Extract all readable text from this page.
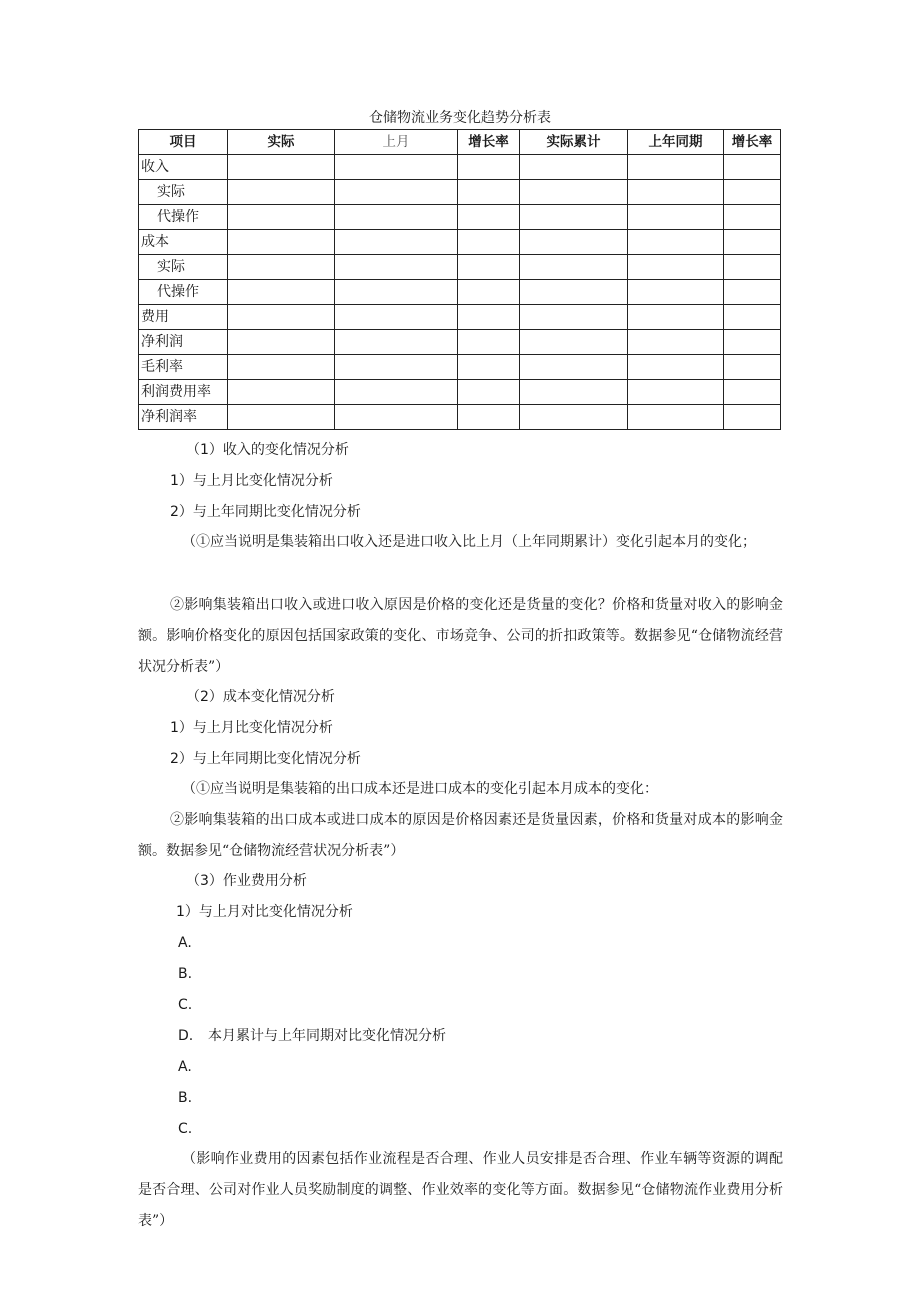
仓储物流业务变化趋势分析表
项目	实际	上月	增长率	实际累计	上年同期	增长率
收入						
实际						
代操作						
成本						
实际						
代操作						
费用						
净利润						
毛利率						
利润费用率						
净利润率						
（1）收入的变化情况分析
1）与上月比变化情况分析
2）与上年同期比变化情况分析
（①应当说明是集装箱出口收入还是进口收入比上月（上年同期累计）变化引起本月的变化；
②影响集装箱出口收入或进口收入原因是价格的变化还是货量的变化？价格和货量对收入的影响金额。影响价格变化的原因包括国家政策的变化、市场竞争、公司的折扣政策等。数据参见“仓储物流经营状况分析表”）
（2）成本变化情况分析
1）与上月比变化情况分析
2）与上年同期比变化情况分析
（①应当说明是集装箱的出口成本还是进口成本的变化引起本月成本的变化：
②影响集装箱的出口成本或进口成本的原因是价格因素还是货量因素，价格和货量对成本的影响金额。数据参见“仓储物流经营状况分析表”）
（3）作业费用分析
1）与上月对比变化情况分析
A.
B.
C.
D. 本月累计与上年同期对比变化情况分析
A.
B.
C.
（影响作业费用的因素包括作业流程是否合理、作业人员安排是否合理、作业车辆等资源的调配是否合理、公司对作业人员奖励制度的调整、作业效率的变化等方面。数据参见“仓储物流作业费用分析表”）
